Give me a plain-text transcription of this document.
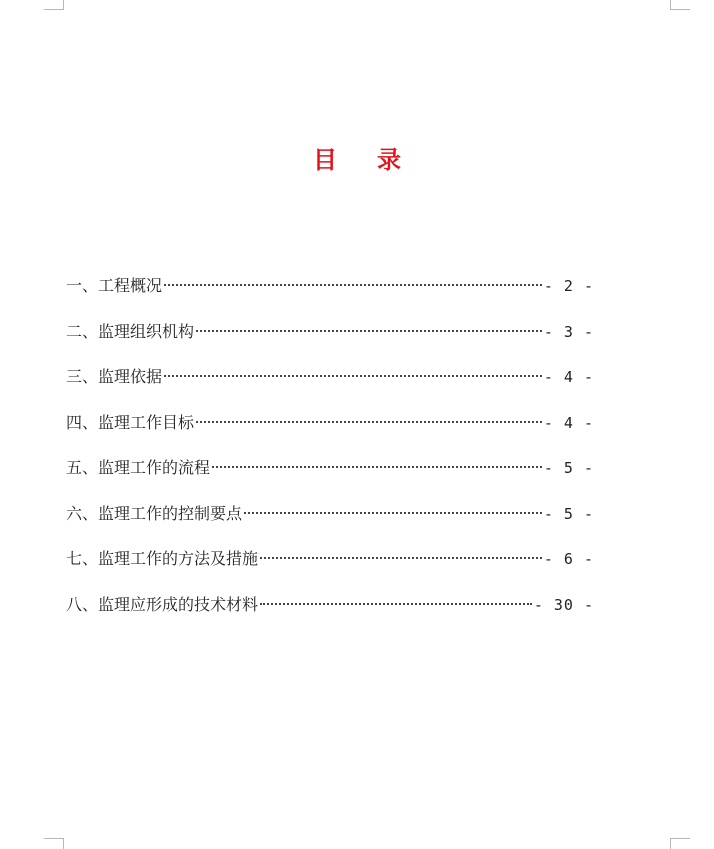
目 录
一、工程概况	- 2 -
二、监理组织机构	- 3 -
三、监理依据	- 4 -
四、监理工作目标	- 4 -
五、监理工作的流程	- 5 -
六、监理工作的控制要点	- 5 -
七、监理工作的方法及措施	- 6 -
八、监理应形成的技术材料	- 30 -
